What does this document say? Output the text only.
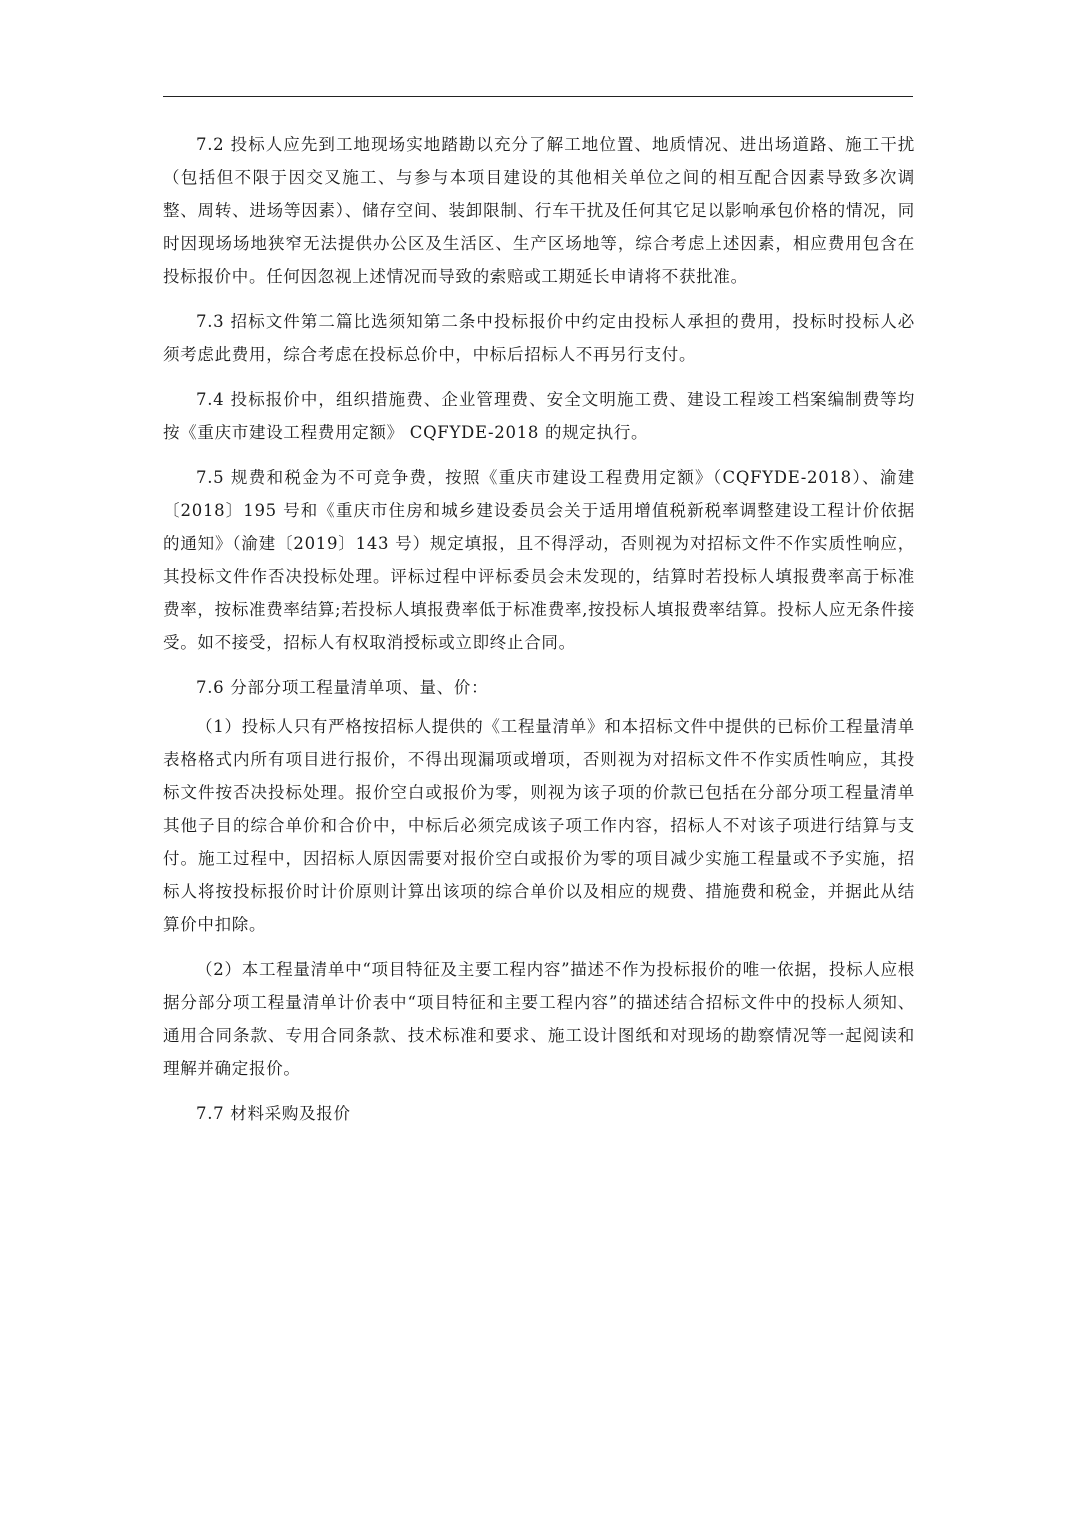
7.2 投标人应先到工地现场实地踏勘以充分了解工地位置、地质情况、进出场道路、施工干扰（包括但不限于因交叉施工、与参与本项目建设的其他相关单位之间的相互配合因素导致多次调整、周转、进场等因素）、储存空间、装卸限制、行车干扰及任何其它足以影响承包价格的情况，同时因现场场地狭窄无法提供办公区及生活区、生产区场地等，综合考虑上述因素，相应费用包含在投标报价中。任何因忽视上述情况而导致的索赔或工期延长申请将不获批准。

7.3 招标文件第二篇比选须知第二条中投标报价中约定由投标人承担的费用，投标时投标人必须考虑此费用，综合考虑在投标总价中，中标后招标人不再另行支付。

7.4 投标报价中，组织措施费、企业管理费、安全文明施工费、建设工程竣工档案编制费等均按《重庆市建设工程费用定额》 CQFYDE-2018 的规定执行。

7.5 规费和税金为不可竞争费，按照《重庆市建设工程费用定额》（CQFYDE-2018）、渝建〔2018〕195 号和《重庆市住房和城乡建设委员会关于适用增值税新税率调整建设工程计价依据的通知》（渝建〔2019〕143 号）规定填报，且不得浮动，否则视为对招标文件不作实质性响应，其投标文件作否决投标处理。评标过程中评标委员会未发现的，结算时若投标人填报费率高于标准费率，按标准费率结算;若投标人填报费率低于标准费率,按投标人填报费率结算。投标人应无条件接受。如不接受，招标人有权取消授标或立即终止合同。

7.6 分部分项工程量清单项、量、价：

（1）投标人只有严格按招标人提供的《工程量清单》和本招标文件中提供的已标价工程量清单表格格式内所有项目进行报价，不得出现漏项或增项，否则视为对招标文件不作实质性响应，其投标文件按否决投标处理。报价空白或报价为零，则视为该子项的价款已包括在分部分项工程量清单其他子目的综合单价和合价中，中标后必须完成该子项工作内容，招标人不对该子项进行结算与支付。施工过程中，因招标人原因需要对报价空白或报价为零的项目减少实施工程量或不予实施，招标人将按投标报价时计价原则计算出该项的综合单价以及相应的规费、措施费和税金，并据此从结算价中扣除。

（2）本工程量清单中“项目特征及主要工程内容”描述不作为投标报价的唯一依据，投标人应根据分部分项工程量清单计价表中“项目特征和主要工程内容”的描述结合招标文件中的投标人须知、通用合同条款、专用合同条款、技术标准和要求、施工设计图纸和对现场的勘察情况等一起阅读和理解并确定报价。

7.7 材料采购及报价
